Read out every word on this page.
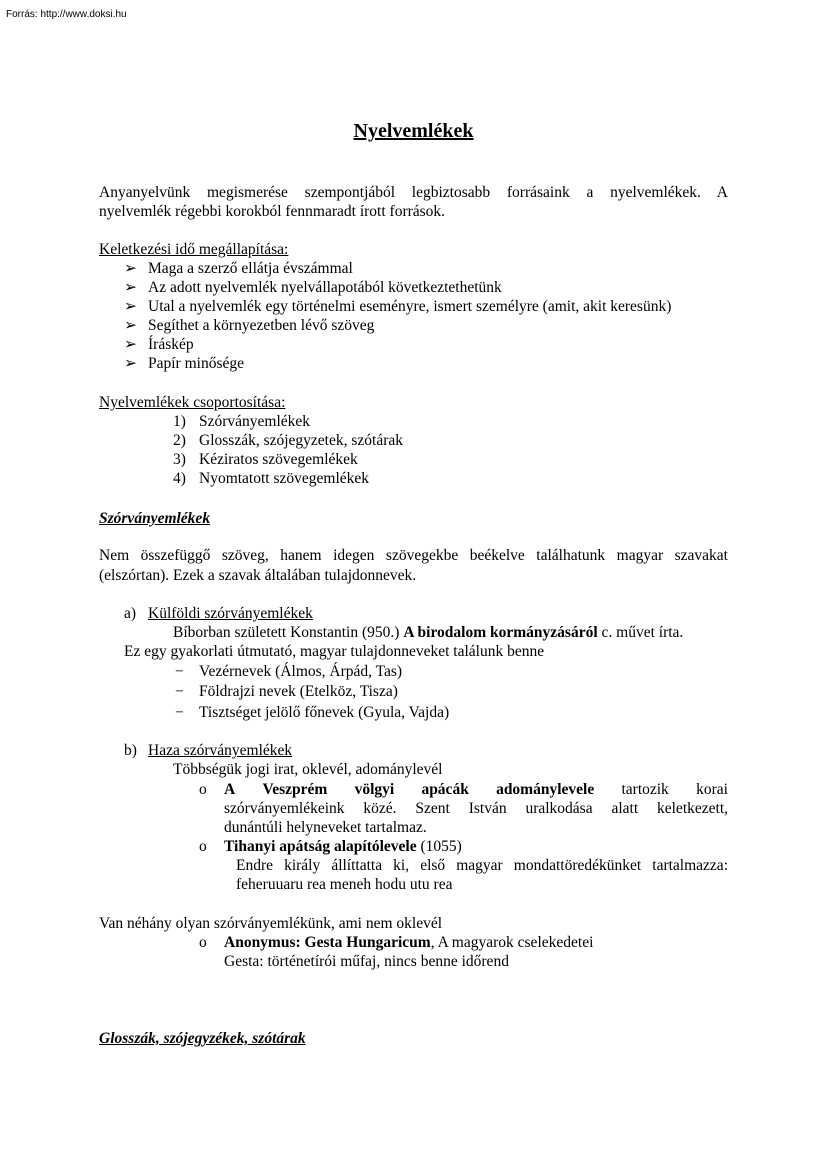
Forrás: http://www.doksi.hu
Nyelvemlékek
Anyanyelvünk megismerése szempontjából legbiztosabb forrásaink a nyelvemlékek. A
nyelvemlék régebbi korokból fennmaradt írott források.
Keletkezési idő megállapítása:
➢ Maga a szerző ellátja évszámmal
➢ Az adott nyelvemlék nyelvállapotából következtethetünk
➢ Utal a nyelvemlék egy történelmi eseményre, ismert személyre (amit, akit keresünk)
➢ Segíthet a környezetben lévő szöveg
➢ Íráskép
➢ Papír minősége
Nyelvemlékek csoportosítása:
1) Szórványemlékek
2) Glosszák, szójegyzetek, szótárak
3) Kéziratos szövegemlékek
4) Nyomtatott szövegemlékek
Szórványemlékek
Nem összefüggő szöveg, hanem idegen szövegekbe beékelve találhatunk magyar szavakat
(elszórtan). Ezek a szavak általában tulajdonnevek.
a) Külföldi szórványemlékek
Bíborban született Konstantin (950.) A birodalom kormányzásáról c. művet írta.
Ez egy gyakorlati útmutató, magyar tulajdonneveket találunk benne
− Vezérnevek (Álmos, Árpád, Tas)
− Földrajzi nevek (Etelköz, Tisza)
− Tisztséget jelölő főnevek (Gyula, Vajda)
b) Haza szórványemlékek
Többségük jogi irat, oklevél, adománylevél
o A Veszprém völgyi apácák adománylevele tartozik korai
szórványemlékeink közé. Szent István uralkodása alatt keletkezett,
dunántúli helyneveket tartalmaz.
o Tihanyi apátság alapítólevele (1055)
Endre király állíttatta ki, első magyar mondattöredékünket tartalmazza:
feheruuaru rea meneh hodu utu rea
Van néhány olyan szórványemlékünk, ami nem oklevél
o Anonymus: Gesta Hungaricum, A magyarok cselekedetei
Gesta: történetírói műfaj, nincs benne időrend
Glosszák, szójegyzékek, szótárak
